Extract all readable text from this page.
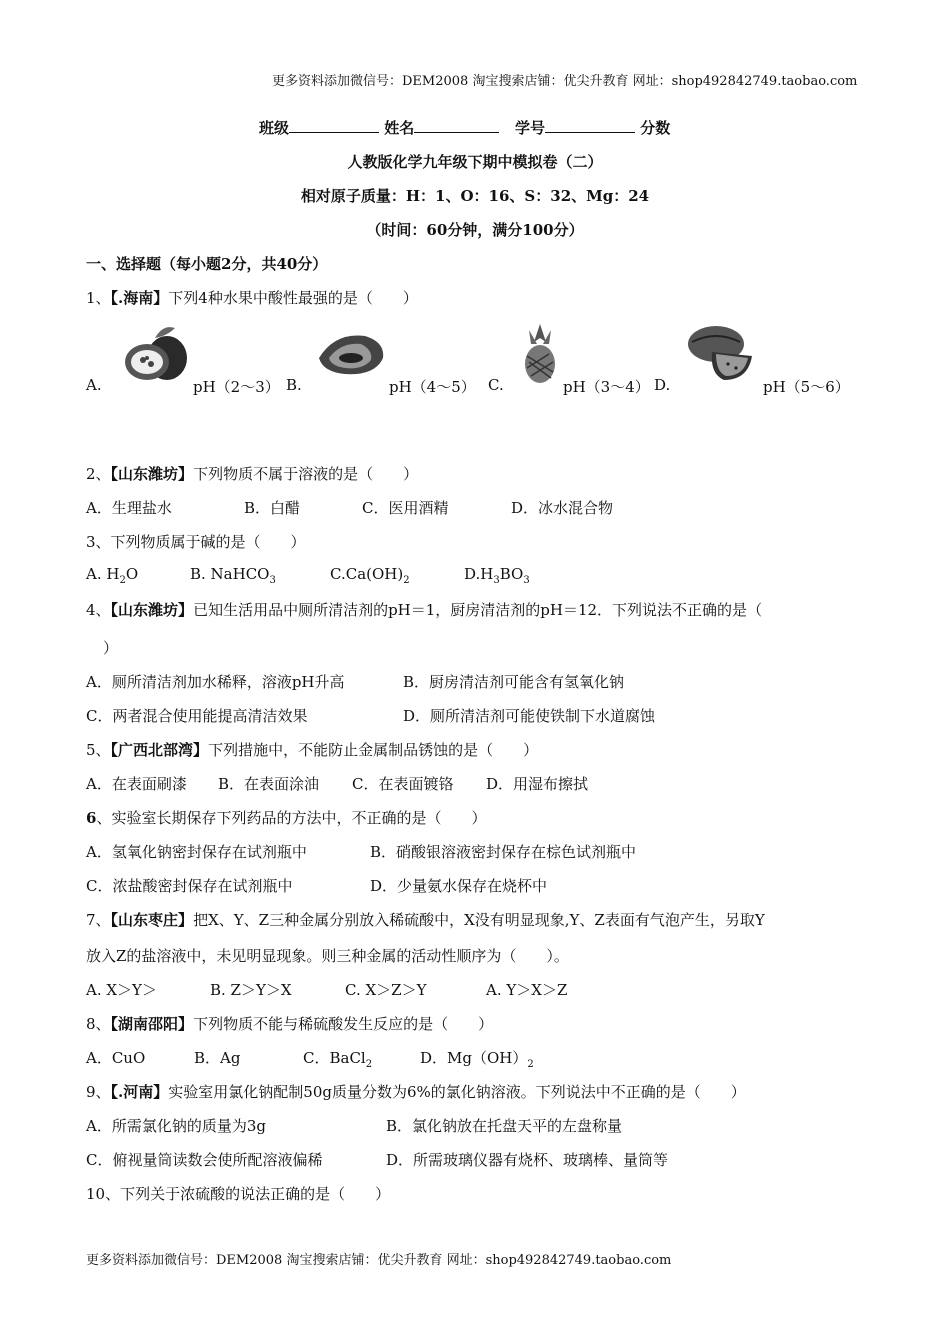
更多资料添加微信号：DEM2008 淘宝搜索店铺：优尖升教育 网址：shop492842749.taobao.com
班级	姓名	学号	分数
人教版化学九年级下期中模拟卷（二）
相对原子质量：H：1、O：16、S：32、Mg：24
（时间：60分钟，满分100分）
一、选择题（每小题2分，共40分）
1、【.海南】下列4种水果中酸性最强的是（　　）
A.	pH（2～3） B.	pH（4～5） C.	pH（3～4） D.	pH（5～6）
2、【山东潍坊】下列物质不属于溶液的是（　　）
A．生理盐水	B．白醋	C．医用酒精	D．冰水混合物
3、下列物质属于碱的是（　　）
A. $H_2O$	B. NaHCO$_3$	$C.Ca(OH)_2$	$D.H_3BO_3$
4、【山东潍坊】已知生活用品中厕所清洁剂的pH＝1，厨房清洁剂的pH＝12．下列说法不正确的是（
）
A．厕所清洁剂加水稀释，溶液pH升高	B．厨房清洁剂可能含有氢氧化钠
C．两者混合使用能提高清洁效果	D．厕所清洁剂可能使铁制下水道腐蚀
5、【广西北部湾】下列措施中，不能防止金属制品锈蚀的是（　　）
A．在表面刷漆 B．在表面涂油 C．在表面镀铬 D．用湿布擦拭
6、实验室长期保存下列药品的方法中，不正确的是（　　）
A．氢氧化钠密封保存在试剂瓶中	B．硝酸银溶液密封保存在棕色试剂瓶中
C．浓盐酸密封保存在试剂瓶中	D．少量氨水保存在烧杯中
7、【山东枣庄】把X、Y、Z三种金属分别放入稀硫酸中，X没有明显现象,Y、Z表面有气泡产生，另取Y
放入Z的盐溶液中，未见明显现象。则三种金属的活动性顺序为（　　）。
A. X＞Y＞	B. Z＞Y＞X	C. X＞Z＞Y	A. Y＞X＞Z
8、【湖南邵阳】下列物质不能与稀硫酸发生反应的是（　　）
A．CuO	B．Ag	C．BaCl$_2$	D．$Mg(OH)_2$
9、【.河南】实验室用氯化钠配制50g质量分数为6%的氯化钠溶液。下列说法中不正确的是（　　）
A．所需氯化钠的质量为3g	B．氯化钠放在托盘天平的左盘称量
C．俯视量筒读数会使所配溶液偏稀	D．所需玻璃仪器有烧杯、玻璃棒、量筒等
10、下列关于浓硫酸的说法正确的是（　　）
更多资料添加微信号：DEM2008 淘宝搜索店铺：优尖升教育 网址：shop492842749.taobao.com
